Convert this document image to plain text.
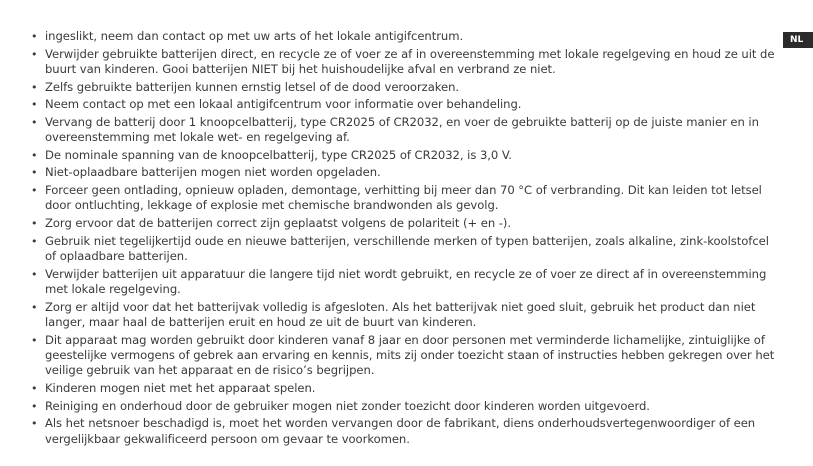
• ingeslikt, neem dan contact op met uw arts of het lokale antigifcentrum.
• Verwijder gebruikte batterijen direct, en recycle ze of voer ze af in overeenstemming met lokale regelgeving en houd ze uit de buurt van kinderen. Gooi batterijen NIET bij het huishoudelijke afval en verbrand ze niet.
• Zelfs gebruikte batterijen kunnen ernstig letsel of de dood veroorzaken.
• Neem contact op met een lokaal antigifcentrum voor informatie over behandeling.
• Vervang de batterij door 1 knoopcelbatterij, type CR2025 of CR2032, en voer de gebruikte batterij op de juiste manier en in overeenstemming met lokale wet- en regelgeving af.
• De nominale spanning van de knoopcelbatterij, type CR2025 of CR2032, is 3,0 V.
• Niet-oplaadbare batterijen mogen niet worden opgeladen.
• Forceer geen ontlading, opnieuw opladen, demontage, verhitting bij meer dan 70 °C of verbranding. Dit kan leiden tot letsel door ontluchting, lekkage of explosie met chemische brandwonden als gevolg.
• Zorg ervoor dat de batterijen correct zijn geplaatst volgens de polariteit (+ en -).
• Gebruik niet tegelijkertijd oude en nieuwe batterijen, verschillende merken of typen batterijen, zoals alkaline, zink-koolstofcel of oplaadbare batterijen.
• Verwijder batterijen uit apparatuur die langere tijd niet wordt gebruikt, en recycle ze of voer ze direct af in overeenstemming met lokale regelgeving.
• Zorg er altijd voor dat het batterijvak volledig is afgesloten. Als het batterijvak niet goed sluit, gebruik het product dan niet langer, maar haal de batterijen eruit en houd ze uit de buurt van kinderen.
• Dit apparaat mag worden gebruikt door kinderen vanaf 8 jaar en door personen met verminderde lichamelijke, zintuiglijke of geestelijke vermogens of gebrek aan ervaring en kennis, mits zij onder toezicht staan of instructies hebben gekregen over het veilige gebruik van het apparaat en de risico’s begrijpen.
• Kinderen mogen niet met het apparaat spelen.
• Reiniging en onderhoud door de gebruiker mogen niet zonder toezicht door kinderen worden uitgevoerd.
• Als het netsnoer beschadigd is, moet het worden vervangen door de fabrikant, diens onderhoudsvertegenwoordiger of een vergelijkbaar gekwalificeerd persoon om gevaar te voorkomen.
NL
